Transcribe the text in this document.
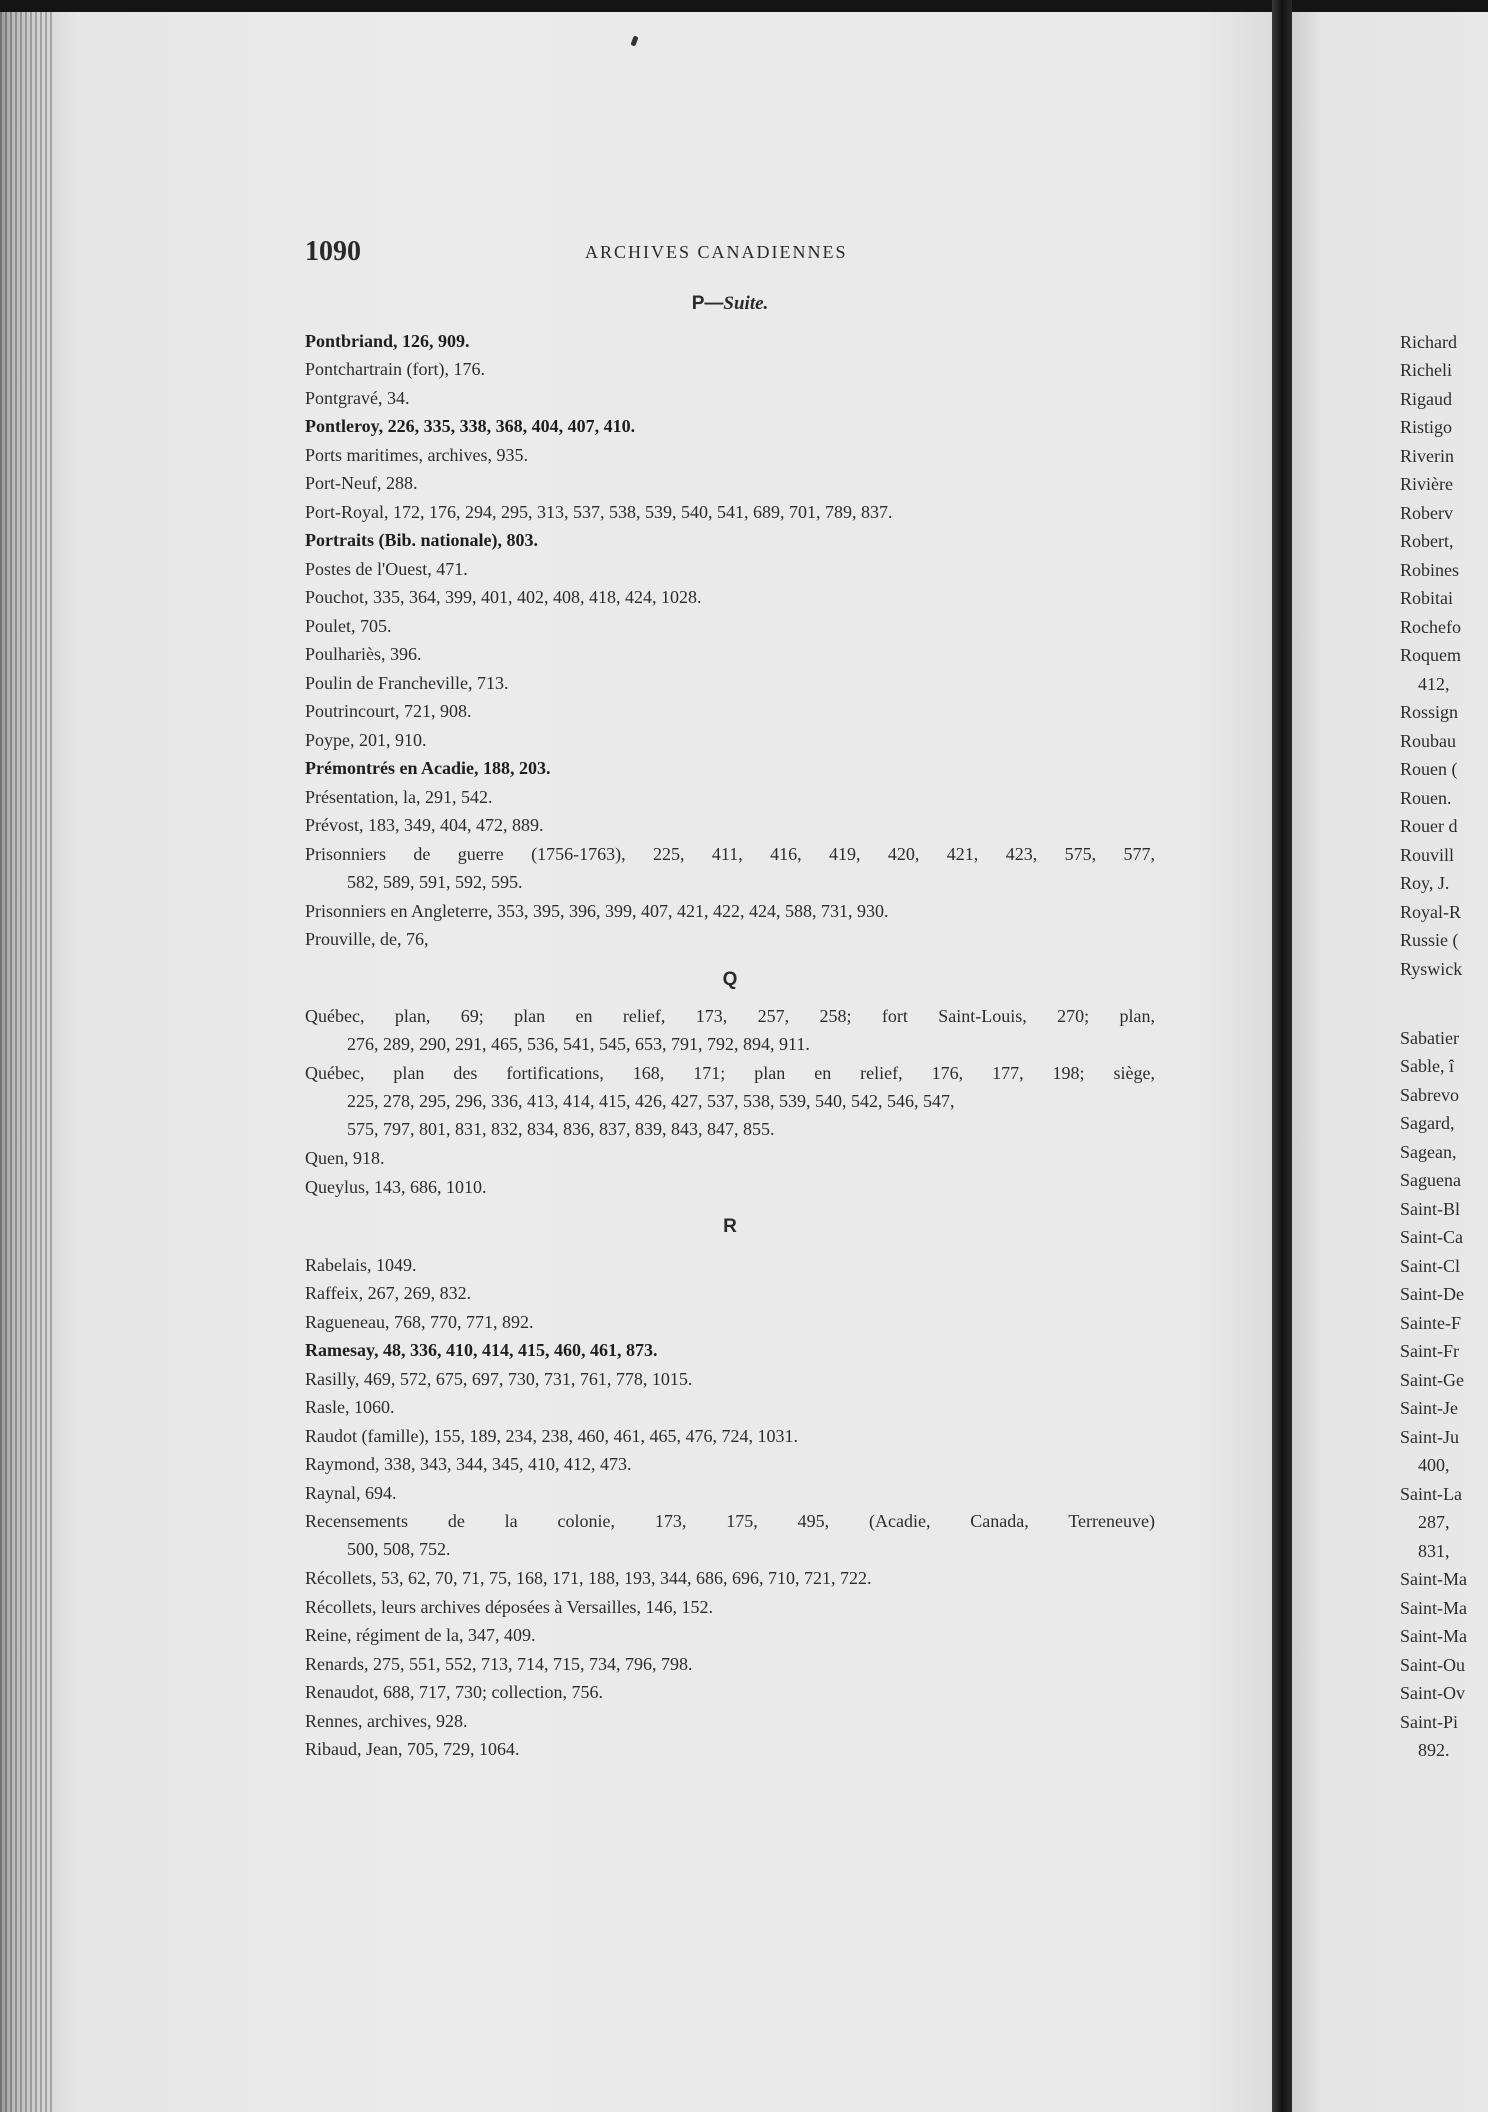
1090	ARCHIVES CANADIENNES
P—Suite.
Pontbriand, 126, 909.
Pontchartrain (fort), 176.
Pontgravé, 34.
Pontleroy, 226, 335, 338, 368, 404, 407, 410.
Ports maritimes, archives, 935.
Port-Neuf, 288.
Port-Royal, 172, 176, 294, 295, 313, 537, 538, 539, 540, 541, 689, 701, 789, 837.
Portraits (Bib. nationale), 803.
Postes de l'Ouest, 471.
Pouchot, 335, 364, 399, 401, 402, 408, 418, 424, 1028.
Poulet, 705.
Poulhariès, 396.
Poulin de Francheville, 713.
Poutrincourt, 721, 908.
Poype, 201, 910.
Prémontrés en Acadie, 188, 203.
Présentation, la, 291, 542.
Prévost, 183, 349, 404, 472, 889.
Prisonniers de guerre (1756-1763), 225, 411, 416, 419, 420, 421, 423, 575, 577,
582, 589, 591, 592, 595.
Prisonniers en Angleterre, 353, 395, 396, 399, 407, 421, 422, 424, 588, 731, 930.
Prouville, de, 76,
Q
Québec, plan, 69; plan en relief, 173, 257, 258; fort Saint-Louis, 270; plan,
276, 289, 290, 291, 465, 536, 541, 545, 653, 791, 792, 894, 911.
Québec, plan des fortifications, 168, 171; plan en relief, 176, 177, 198; siège,
225, 278, 295, 296, 336, 413, 414, 415, 426, 427, 537, 538, 539, 540, 542, 546, 547,
575, 797, 801, 831, 832, 834, 836, 837, 839, 843, 847, 855.
Quen, 918.
Queylus, 143, 686, 1010.
R
Rabelais, 1049.
Raffeix, 267, 269, 832.
Ragueneau, 768, 770, 771, 892.
Ramesay, 48, 336, 410, 414, 415, 460, 461, 873.
Rasilly, 469, 572, 675, 697, 730, 731, 761, 778, 1015.
Rasle, 1060.
Raudot (famille), 155, 189, 234, 238, 460, 461, 465, 476, 724, 1031.
Raymond, 338, 343, 344, 345, 410, 412, 473.
Raynal, 694.
Recensements de la colonie, 173, 175, 495, (Acadie, Canada, Terreneuve)
500, 508, 752.
Récollets, 53, 62, 70, 71, 75, 168, 171, 188, 193, 344, 686, 696, 710, 721, 722.
Récollets, leurs archives déposées à Versailles, 146, 152.
Reine, régiment de la, 347, 409.
Renards, 275, 551, 552, 713, 714, 715, 734, 796, 798.
Renaudot, 688, 717, 730; collection, 756.
Rennes, archives, 928.
Ribaud, Jean, 705, 729, 1064.
Richard
Richeli
Rigaud
Ristigo
Riverin
Rivière
Roberv
Robert,
Robines
Robitai
Rochefo
Roquem
412,
Rossign
Roubau
Rouen (
Rouen.
Rouer d
Rouvill
Roy, J.
Royal-R
Russie (
Ryswick
Sabatier
Sable, î
Sabrevo
Sagard,
Sagean,
Saguena
Saint-Bl
Saint-Ca
Saint-Cl
Saint-De
Sainte-F
Saint-Fr
Saint-Ge
Saint-Je
Saint-Ju
400,
Saint-La
287,
831,
Saint-Ma
Saint-Ma
Saint-Ma
Saint-Ou
Saint-Ov
Saint-Pi
892.
